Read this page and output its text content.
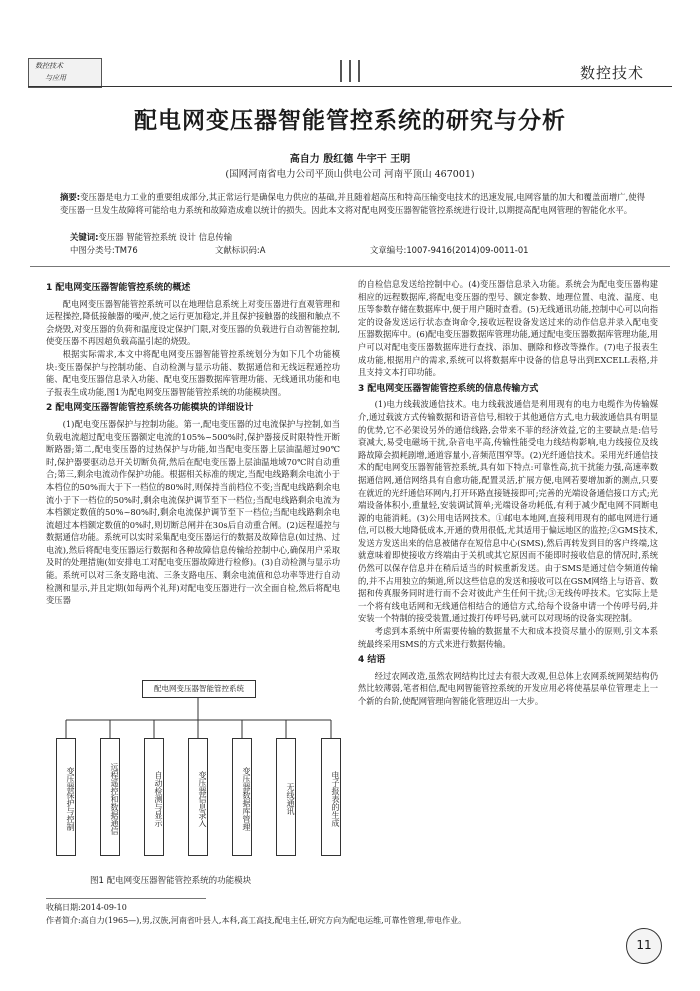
数控技术
与应用	数控技术
配电网变压器智能管控系统的研究与分析
高自力 殷红德 牛宇干 王明
(国网河南省电力公司平顶山供电公司 河南平顶山 467001)
摘要:变压器是电力工业的重要组成部分,其正常运行是确保电力供应的基础,并且随着超高压和特高压输变电技术的迅速发展,电网容量的加大和覆盖面增广,使得变压器一旦发生故障将可能给电力系统和故障造成难以统计的损失。因此本文将对配电网变压器智能管控系统进行设计,以期提高配电网管理的智能化水平。
关键词:变压器 智能管控系统 设计 信息传输
中图分类号:TM76	文献标识码:A	文章编号:1007-9416(2014)09-0011-01
1 配电网变压器智能管控系统的概述

配电网变压器智能管控系统可以在地理信息系统上对变压器进行直观管理和远程操控,降低接触器的噪声,使之运行更加稳定,并且保护接触器的线圈和触点不会烧毁,对变压器的负荷和温度设定保护门限,对变压器的负载进行自动智能控制,使变压器不再因超负载高温引起的烧毁。

根据实际需求,本文中将配电网变压器智能管控系统划分为如下几个功能模块:变压器保护与控制功能、自动检测与显示功能、数据通信和无线远程通控功能、配电变压器信息录入功能、配电变压器数据库管理功能、无线通讯功能和电子报表生成功能,图1为配电网变压器智能管控系统的功能模块图。

2 配电网变压器智能管控系统各功能模块的详细设计

(1)配电变压器保护与控制功能。第一,配电变压器的过电流保护与控制,如当负载电流超过配电变压器额定电流的105%~500%时,保护器接反时限特性开断断路器;第二,配电变压器的过热保护与功能,如当配电变压器上层油温超过90℃时,保护器要驱动总开关切断负荷,然后在配电变压器上层油温地域70℃时自动重合;第三,剩余电流动作保护功能。根据相关标准的规定,当配电线路剩余电流小于本档位的50%而大于下一档位的80%时,则保持当前档位不变;当配电线路剩余电流小于下一档位的50%时,剩余电流保护调节至下一档位;当配电线路剩余电流为本档额定数值的50%~80%时,剩余电流保护调节至下一档位;当配电线路剩余电流超过本档额定数值的0%时,则切断总闸并在30s后自动重合闸。(2)远程遥控与数据通信功能。系统可以实时采集配电变压器运行的数据及故障信息(如过热、过电流),然后将配电变压器运行数据和各种故障信息传输给控制中心,确保用户采取及时的处理措施(如安排电工对配电变压器故障进行检修)。(3)自动检测与显示功能。系统可以对三条支路电流、三条支路电压、剩余电流值和总功率等进行自动检测和显示,并且定期(如每两个礼拜)对配电变压器进行一次全面自检,然后将配电变压器

配电网变压器智能管控系统
变压器保护与控制	远程遥控和数据通信	自动检测与显示	变压器信息录入	变压器数据库管理	无线通讯	电子报表的生成
图1 配电网变压器智能管控系统的功能模块

的自检信息发送给控制中心。(4)变压器信息录入功能。系统会为配电变压器构建相应的远程数据库,将配电变压器的型号、额定参数、地理位置、电流、温度、电压等参数存储在数据库中,便于用户随时查看。(5)无线通讯功能,控制中心可以向指定的设备发送运行状态查询命令,接收远程设备发送过来的动作信息并录入配电变压器数据库中。(6)配电变压器数据库管理功能,通过配电变压器数据库管理功能,用户可以对配电变压器数据库进行查找、添加、删除和修改等操作。(7)电子报表生成功能,根据用户的需求,系统可以将数据库中设备的信息导出到EXCELL表格,并且支持文本打印功能。

3 配电网变压器智能管控系统的信息传输方式

(1)电力线载波通信技术。电力线载波通信是利用现有的电力电缆作为传输媒介,通过载波方式传输数据和语音信号,相较于其他通信方式,电力载波通信具有明显的优势,它不必架设另外的通信线路,会带来不菲的经济效益,它的主要缺点是:信号衰减大,易受电磁场干扰,杂音电平高,传输性能受电力线结构影响,电力线接位及线路故障会损耗剧增,通道容量小,音频范围窄等。(2)光纤通信技术。采用光纤通信技术的配电网变压器智能管控系统,具有如下特点:可靠性高,抗干扰能力强,高速率数据通信网,通信网络具有自愈功能,配置灵活,扩展方便,电网若要增加新的测点,只要在就近的光纤通信环网内,打开环路直接链接即可;完善的光端设备通信接口方式;光端设备体积小,重量轻,安装调试简单;光端设备功耗低,有利于减少配电网不同断电源的电能消耗。(3)公用电话网技术。①邮电本地网,直接利用现有的邮电网进行通信,可以极大地降低成本,开通的费用很低,尤其适用于偏远地区的监控;②GMS技术,发送方发送出来的信息被储存在短信息中心(SMS),然后再转发到目的客户终端,这就意味着即使接收方终端由于关机或其它原因而不能即时接收信息的情况时,系统仍然可以保存信息并在稍后适当的时候重新发送。由于SMS是通过信令频道传输的,并不占用独立的频道,所以这些信息的发送和接收可以在GSM网络上与语音、数据和传真服务同时进行而不会对彼此产生任何干扰;③无线传呼技术。它实际上是一个将有线电话网和无线通信相结合的通信方式,给每个设备申请一个传呼号码,并安装一个特制的接受装置,通过拨打传呼号码,就可以对现场的设备实现控制。

考虑到本系统中所需要传输的数据量不大和成本投资尽量小的原则,引文本系统最终采用SMS的方式来进行数据传输。

4 结语

经过农网改造,虽然农网结构比过去有很大改观,但总体上农网系统网架结构仍然比较薄弱,笔者相信,配电网智能管控系统的开发应用必将使基层单位管理走上一个新的台阶,使配网管理向智能化管理迈出一大步。

收稿日期:2014-09-10
作者简介:高自力(1965—),男,汉族,河南省叶县人,本科,高工高技,配电主任,研究方向为配电运维,可靠性管理,带电作业。
11
